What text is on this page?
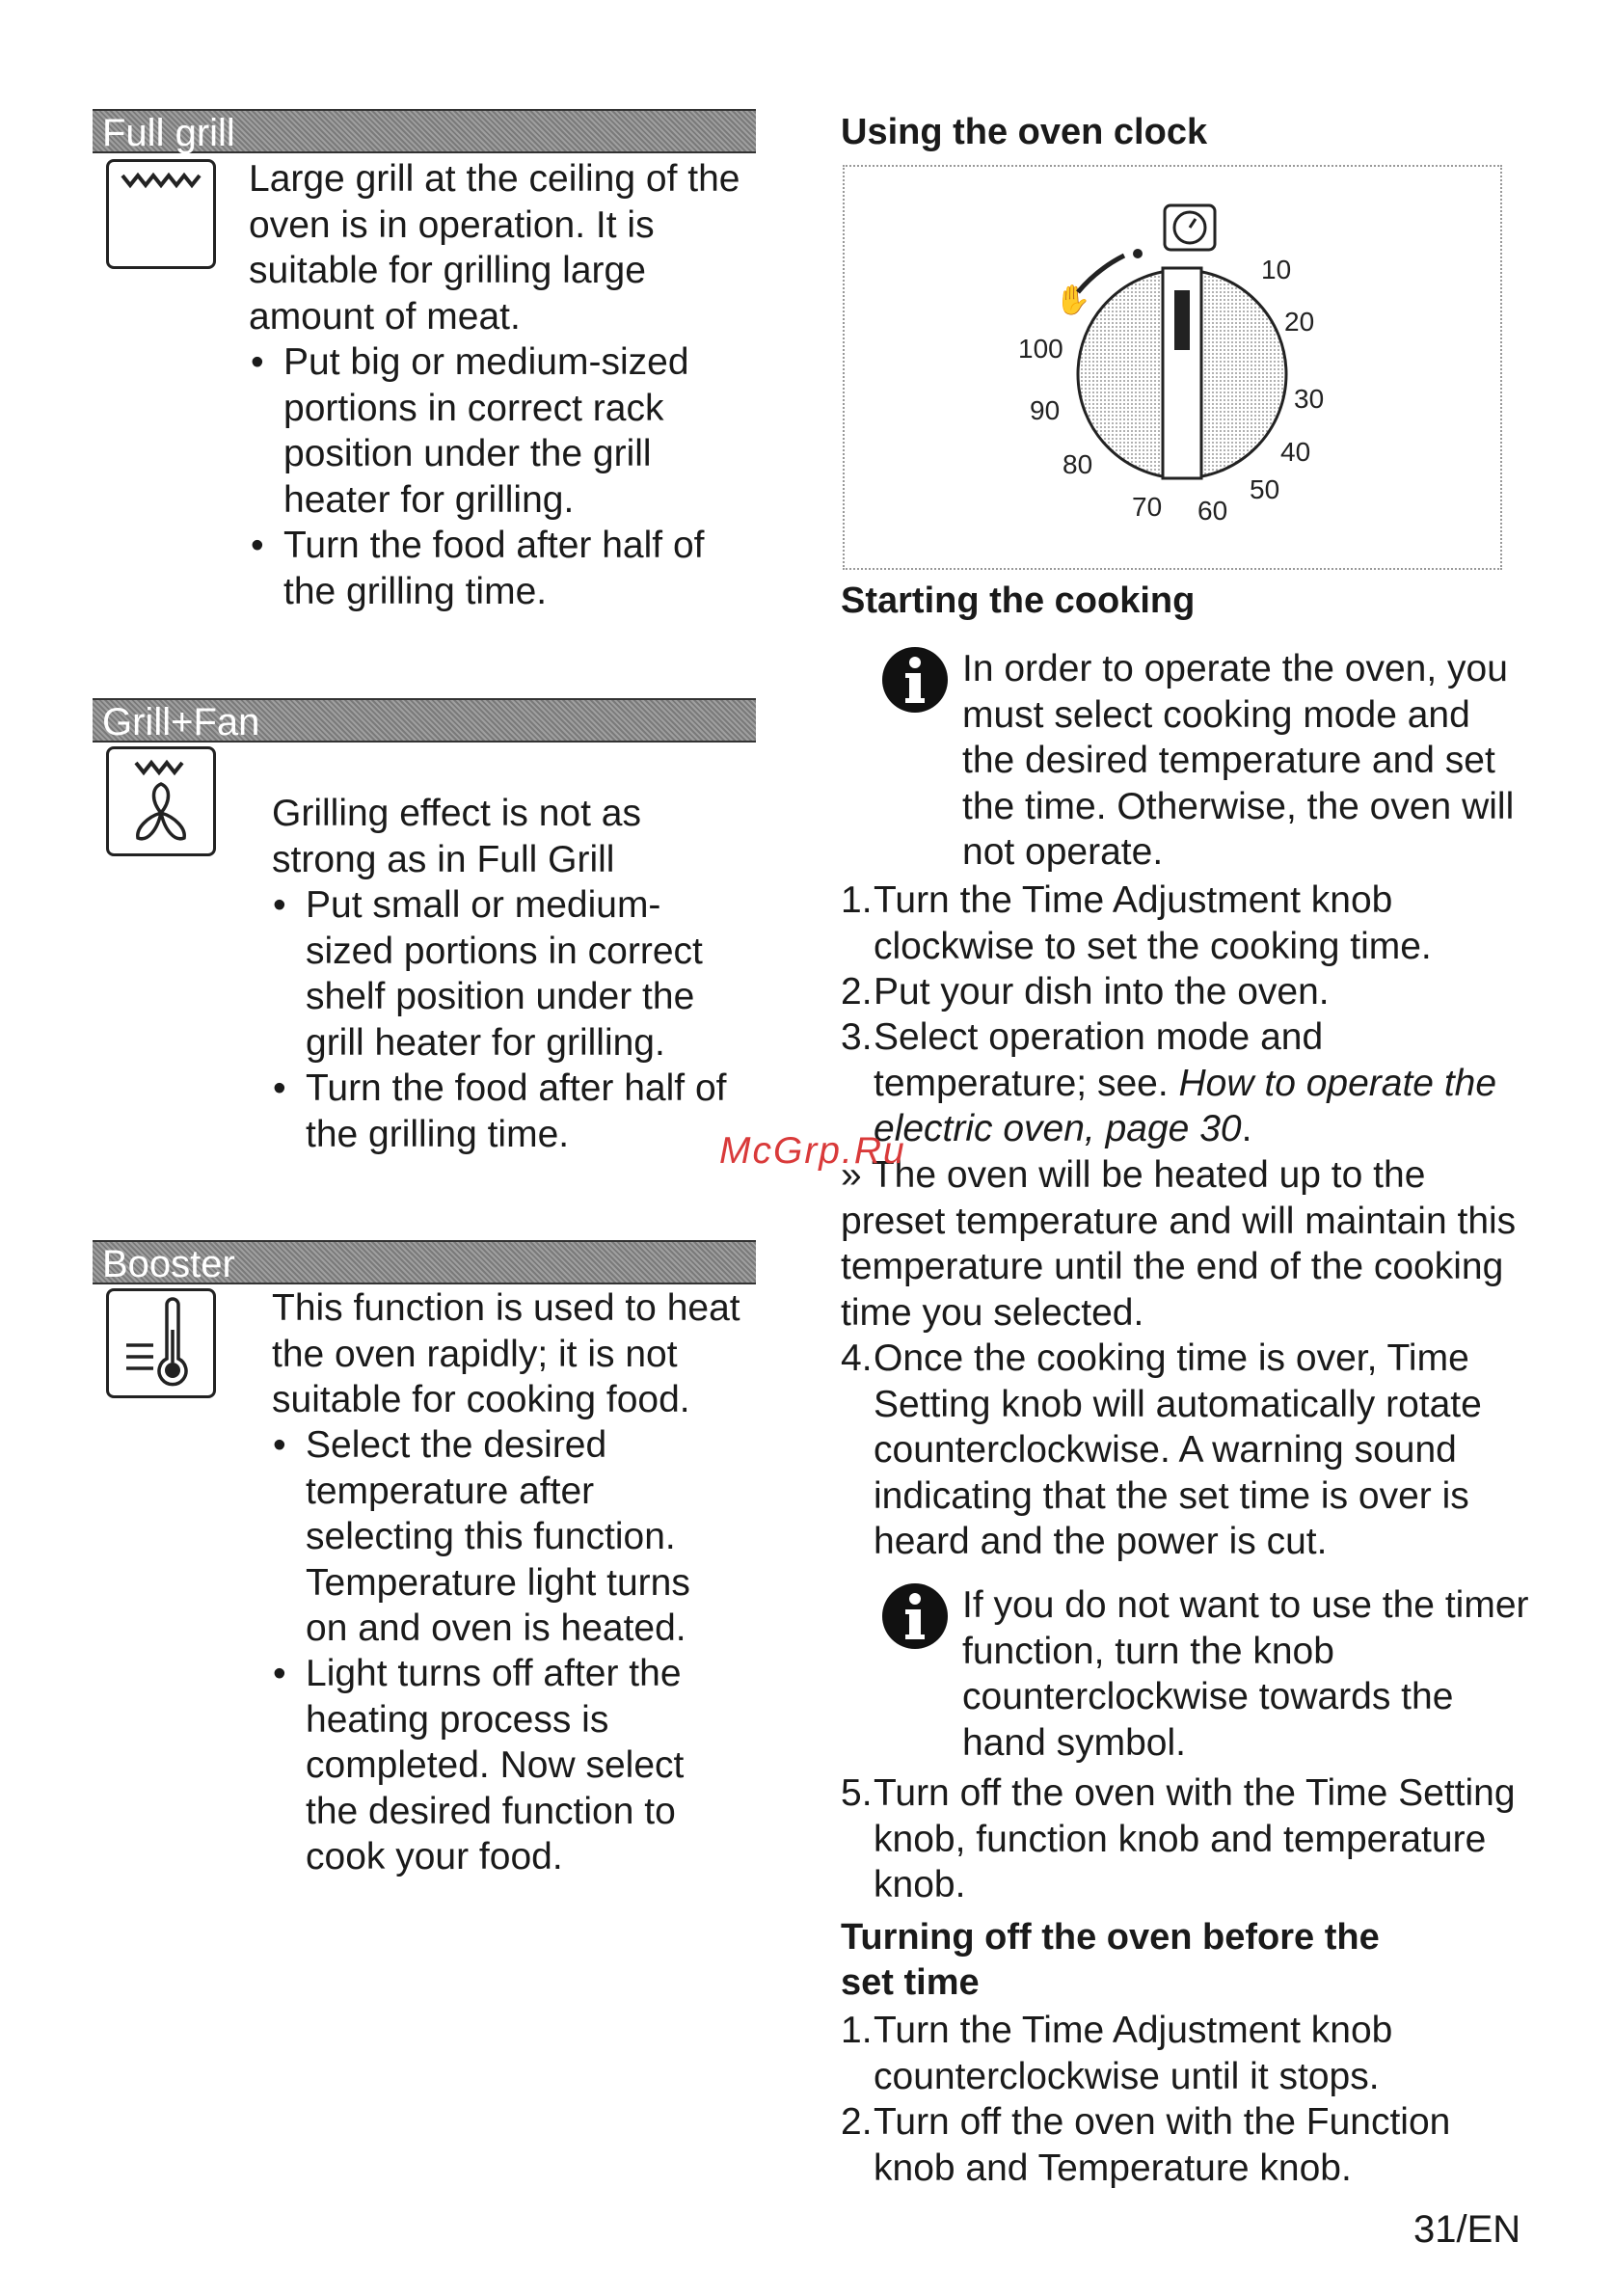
Full grill
Large grill at the ceiling of the
oven is in operation. It is
suitable for grilling large
amount of meat.
• Put big or medium-sized
portions in correct rack
position under the grill
heater for grilling.
• Turn the food after half of
the grilling time.
Grill+Fan
Grilling effect is not as
strong as in Full Grill
• Put small or medium-
sized portions in correct
shelf position under the
grill heater for grilling.
• Turn the food after half of
the grilling time.
Booster
This function is used to heat
the oven rapidly; it is not
suitable for cooking food.
• Select the desired
temperature after
selecting this function.
Temperature light turns
on and oven is heated.
• Light turns off after the
heating process is
completed. Now select
the desired function to
cook your food.
Using the oven clock
✋
10
20
30
40
50
60
70
80
90
100
Starting the cooking
In order to operate the oven, you
must select cooking mode and
the desired temperature and set
the time. Otherwise, the oven will
not operate.
1. Turn the Time Adjustment knob
clockwise to set the cooking time.
2. Put your dish into the oven.
3. Select operation mode and
temperature; see. How to operate the
electric oven, page 30.
» The oven will be heated up to the
preset temperature and will maintain this
temperature until the end of the cooking
time you selected.
4. Once the cooking time is over, Time
Setting knob will automatically rotate
counterclockwise. A warning sound
indicating that the set time is over is
heard and the power is cut.
If you do not want to use the timer
function, turn the knob
counterclockwise towards the
hand symbol.
5. Turn off the oven with the Time Setting
knob, function knob and temperature
knob.
Turning off the oven before the
set time
1. Turn the Time Adjustment knob
counterclockwise until it stops.
2. Turn off the oven with the Function
knob and Temperature knob.
McGrp.Ru
31/EN
